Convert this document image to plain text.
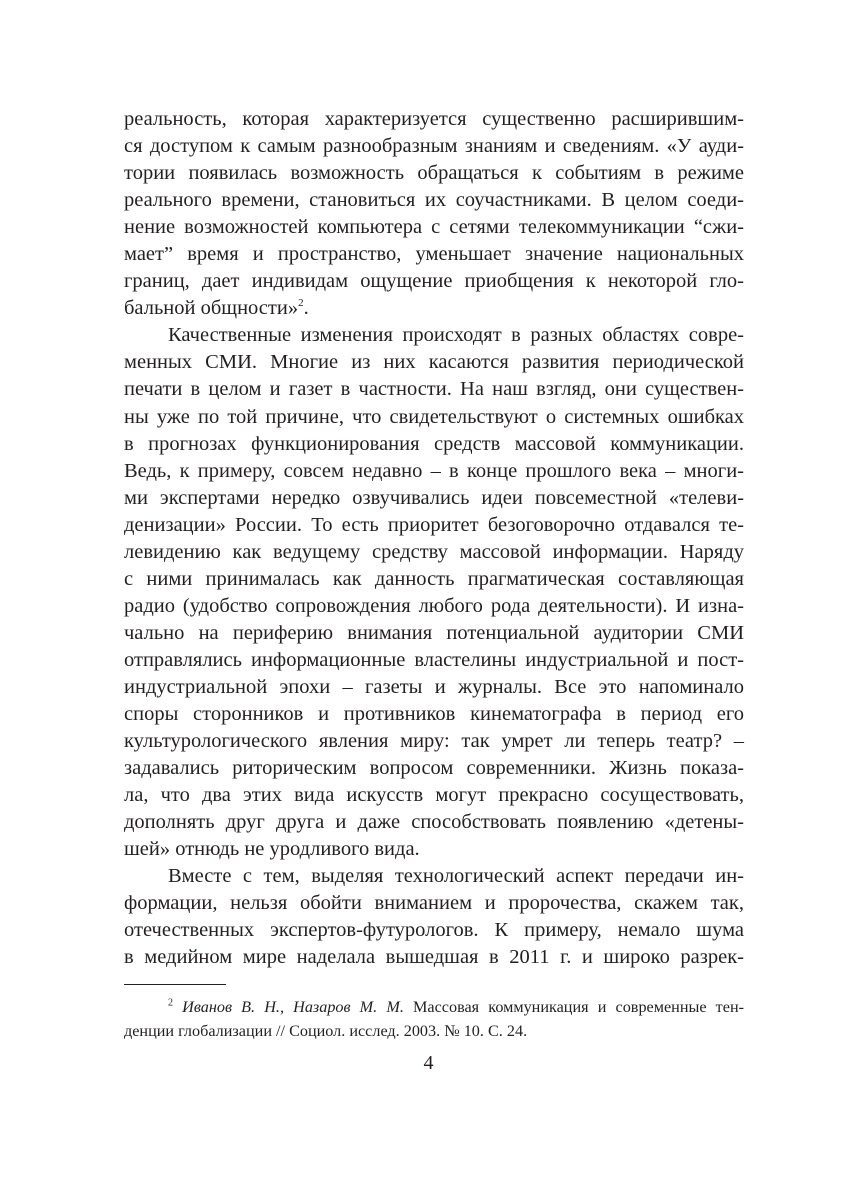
реальность, которая характеризуется существенно расширившим-
ся доступом к самым разнообразным знаниям и сведениям. «У ауди-
тории появилась возможность обращаться к событиям в режиме
реального времени, становиться их соучастниками. В целом соеди-
нение возможностей компьютера с сетями телекоммуникации “сжи-
мает” время и пространство, уменьшает значение национальных
границ, дает индивидам ощущение приобщения к некоторой гло-
бальной общности»$^2$.
Качественные изменения происходят в разных областях совре-
менных СМИ. Многие из них касаются развития периодической
печати в целом и газет в частности. На наш взгляд, они существен-
ны уже по той причине, что свидетельствуют о системных ошибках
в прогнозах функционирования средств массовой коммуникации.
Ведь, к примеру, совсем недавно – в конце прошлого века – многи-
ми экспертами нередко озвучивались идеи повсеместной «телеви-
денизации» России. То есть приоритет безоговорочно отдавался те-
левидению как ведущему средству массовой информации. Наряду
с ними принималась как данность прагматическая составляющая
радио (удобство сопровождения любого рода деятельности). И изна-
чально на периферию внимания потенциальной аудитории СМИ
отправлялись информационные властелины индустриальной и пост-
индустриальной эпохи – газеты и журналы. Все это напоминало
споры сторонников и противников кинематографа в период его
культурологического явления миру: так умрет ли теперь театр? –
задавались риторическим вопросом современники. Жизнь показа-
ла, что два этих вида искусств могут прекрасно сосуществовать,
дополнять друг друга и даже способствовать появлению «детены-
шей» отнюдь не уродливого вида.
Вместе с тем, выделяя технологический аспект передачи ин-
формации, нельзя обойти вниманием и пророчества, скажем так,
отечественных экспертов-футурологов. К примеру, немало шума
в медийном мире наделала вышедшая в 2011 г. и широко разрек-
$^2$ Иванов В. Н., Назаров М. М. Массовая коммуникация и современные тен-
денции глобализации // Социол. исслед. 2003. № 10. С. 24.
4
